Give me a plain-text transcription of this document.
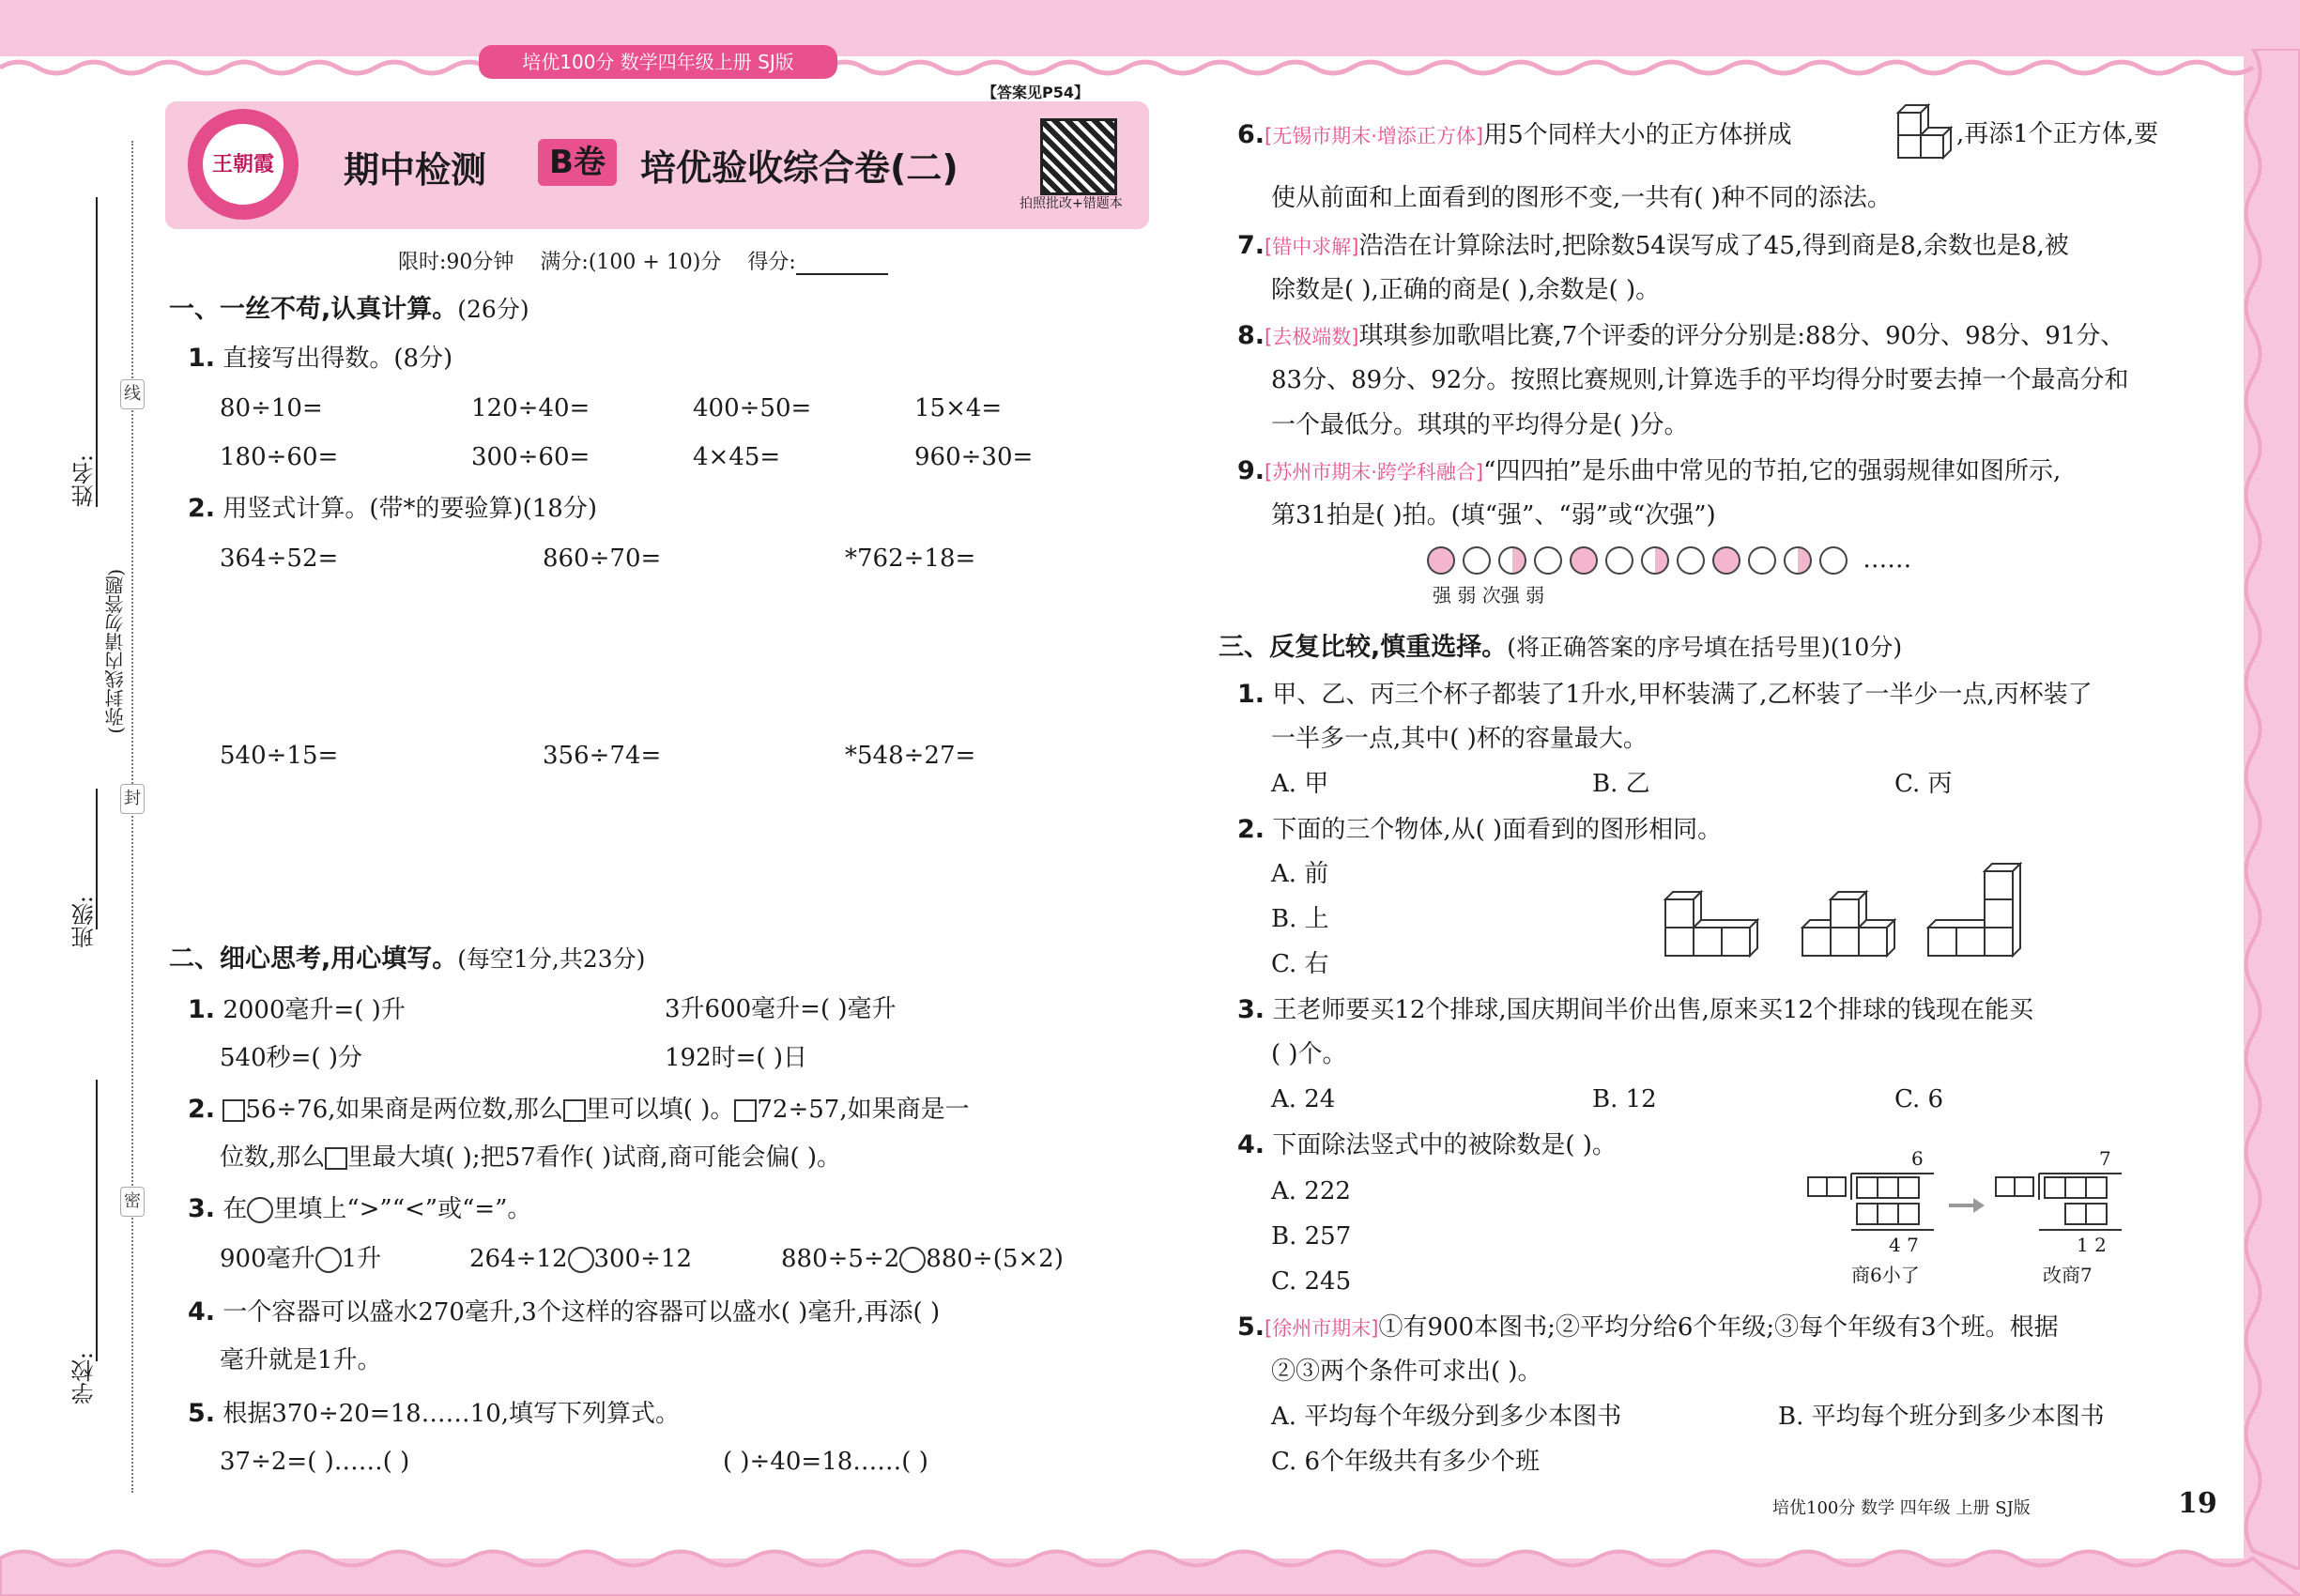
培优100分 数学四年级上册 SJ版
【答案见P54】
王朝霞 期中检测	B卷 培优验收综合卷(二)
拍照批改+错题本
限时:90分钟 满分:(100 + 10)分 得分:
姓名:
班级:
学校:
线
封
密
(弥封线内请勿答题)
一、一丝不苟,认真计算。(26分)
1. 直接写出得数。(8分)
80÷10=	120÷40=	400÷50=	15×4=
180÷60=	300÷60=	4×45=	960÷30=
2. 用竖式计算。(带*的要验算)(18分)
364÷52=	860÷70=	*762÷18=
540÷15=	356÷74=	*548÷27=
二、细心思考,用心填写。(每空1分,共23分)
1. 2000毫升=( )升	3升600毫升=( )毫升
540秒=( )分	192时=( )日
2. 56÷76,如果商是两位数,那么 里可以填( )。 72÷57,如果商是一
位数,那么 里最大填( );把57看作( )试商,商可能会偏( )。
3. 在 里填上“>”“<”或“=”。
900毫升 1升	264÷12 300÷12	880÷5÷2 880÷(5×2)
4. 一个容器可以盛水270毫升,3个这样的容器可以盛水( )毫升,再添( )
毫升就是1升。
5. 根据370÷20=18……10,填写下列算式。
37÷2=( )……( )	( )÷40=18……( )
6.[无锡市期末·增添正方体]用5个同样大小的正方体拼成	,再添1个正方体,要
使从前面和上面看到的图形不变,一共有( )种不同的添法。
7.[错中求解]浩浩在计算除法时,把除数54误写成了45,得到商是8,余数也是8,被
除数是( ),正确的商是( ),余数是( )。
8.[去极端数]琪琪参加歌唱比赛,7个评委的评分分别是:88分、90分、98分、91分、
83分、89分、92分。按照比赛规则,计算选手的平均得分时要去掉一个最高分和
一个最低分。琪琪的平均得分是( )分。
9.[苏州市期末·跨学科融合]“四四拍”是乐曲中常见的节拍,它的强弱规律如图所示,
第31拍是( )拍。(填“强”、“弱”或“次强”)
……
强 弱 次强 弱
三、反复比较,慎重选择。(将正确答案的序号填在括号里)(10分)
1. 甲、乙、丙三个杯子都装了1升水,甲杯装满了,乙杯装了一半少一点,丙杯装了
一半多一点,其中( )杯的容量最大。
A. 甲	B. 乙	C. 丙
2. 下面的三个物体,从( )面看到的图形相同。
A. 前
B. 上
C. 右
3. 王老师要买12个排球,国庆期间半价出售,原来买12个排球的钱现在能买
( )个。
A. 24	B. 12	C. 6
4. 下面除法竖式中的被除数是( )。
A. 222
B. 257
C. 245
6
4 7
商6小了
7
1 2
改商7
5.[徐州市期末]①有900本图书;②平均分给6个年级;③每个年级有3个班。根据
②③两个条件可求出( )。
A. 平均每个年级分到多少本图书	B. 平均每个班分到多少本图书
C. 6个年级共有多少个班
培优100分 数学 四年级 上册 SJ版	19
